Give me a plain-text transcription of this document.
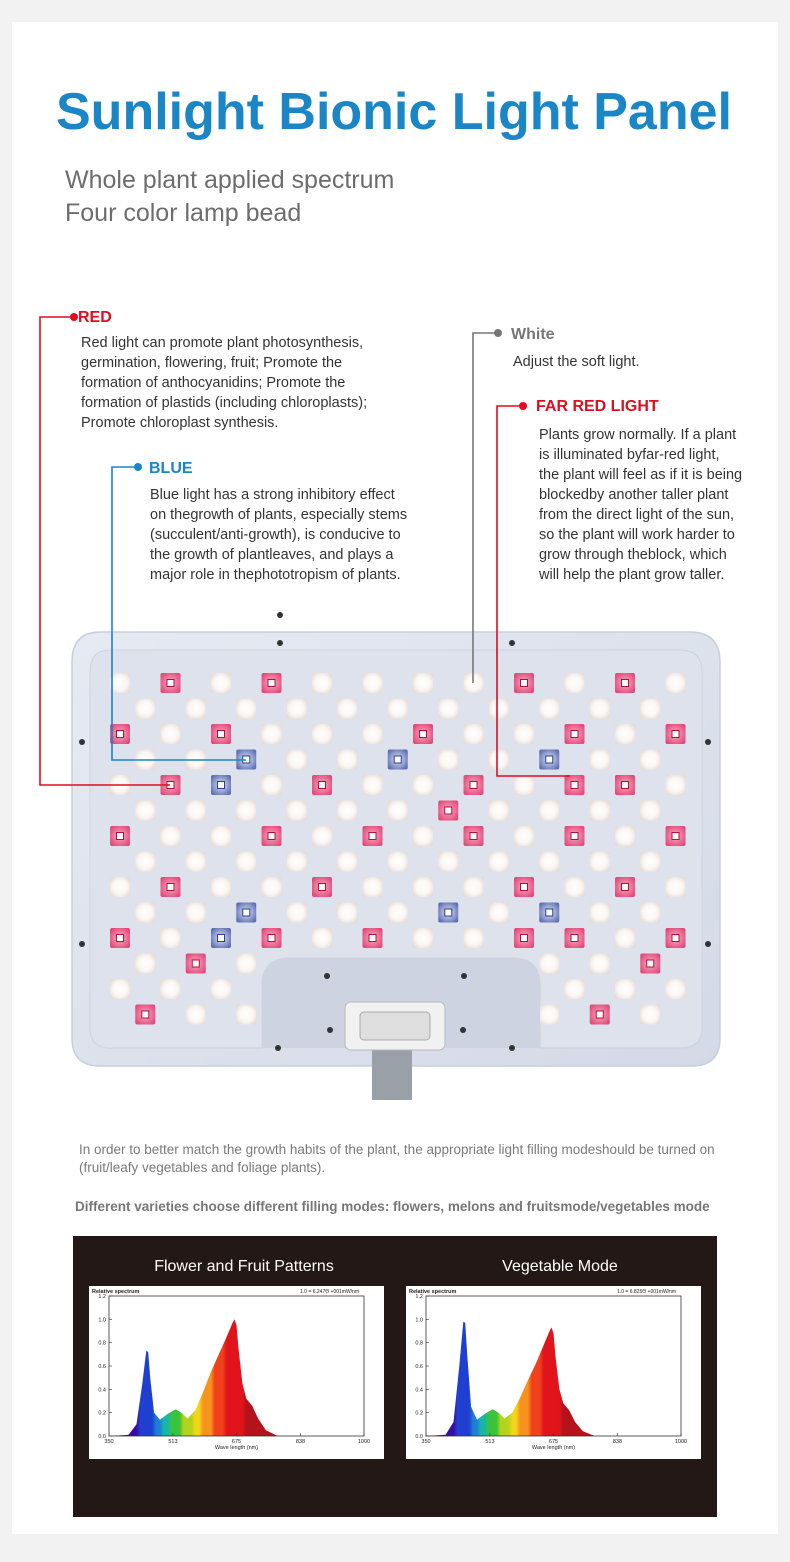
Sunlight Bionic Light Panel
Whole plant applied spectrum
Four color lamp bead
RED
Red light can promote plant photosynthesis,
germination, flowering, fruit; Promote the
formation of anthocyanidins; Promote the
formation of plastids (including chloroplasts);
Promote chloroplast synthesis.
White
Adjust the soft light.
FAR RED LIGHT
Plants grow normally. If a plant
is illuminated byfar-red light,
the plant will feel as if it is being
blockedby another taller plant
from the direct light of the sun,
so the plant will work harder to
grow through theblock, which
will help the plant grow taller.
BLUE
Blue light has a strong inhibitory effect
on thegrowth of plants, especially stems
(succulent/anti-growth), is conducive to
the growth of plantleaves, and plays a
major role in thephototropism of plants.
In order to better match the growth habits of the plant, the appropriate light filling modeshould be turned on (fruit/leafy vegetables and foliage plants).
Different varieties choose different filling modes: flowers, melons and fruitsmode/vegetables mode
Flower and Fruit Patterns	Vegetable Mode
0.0
0.2
0.4
0.6
0.8
1.0
1.2
350	513	675	838	1000
Relative spectrum	1.0 = 6.247Θ +001mW/nm
Wave length (nm)
0.0
0.2
0.4
0.6
0.8
1.0
1.2
350	513	675	838	1000
Relative spectrum	1.0 = 6.825Θ +001mW/nm
Wave length (nm)
